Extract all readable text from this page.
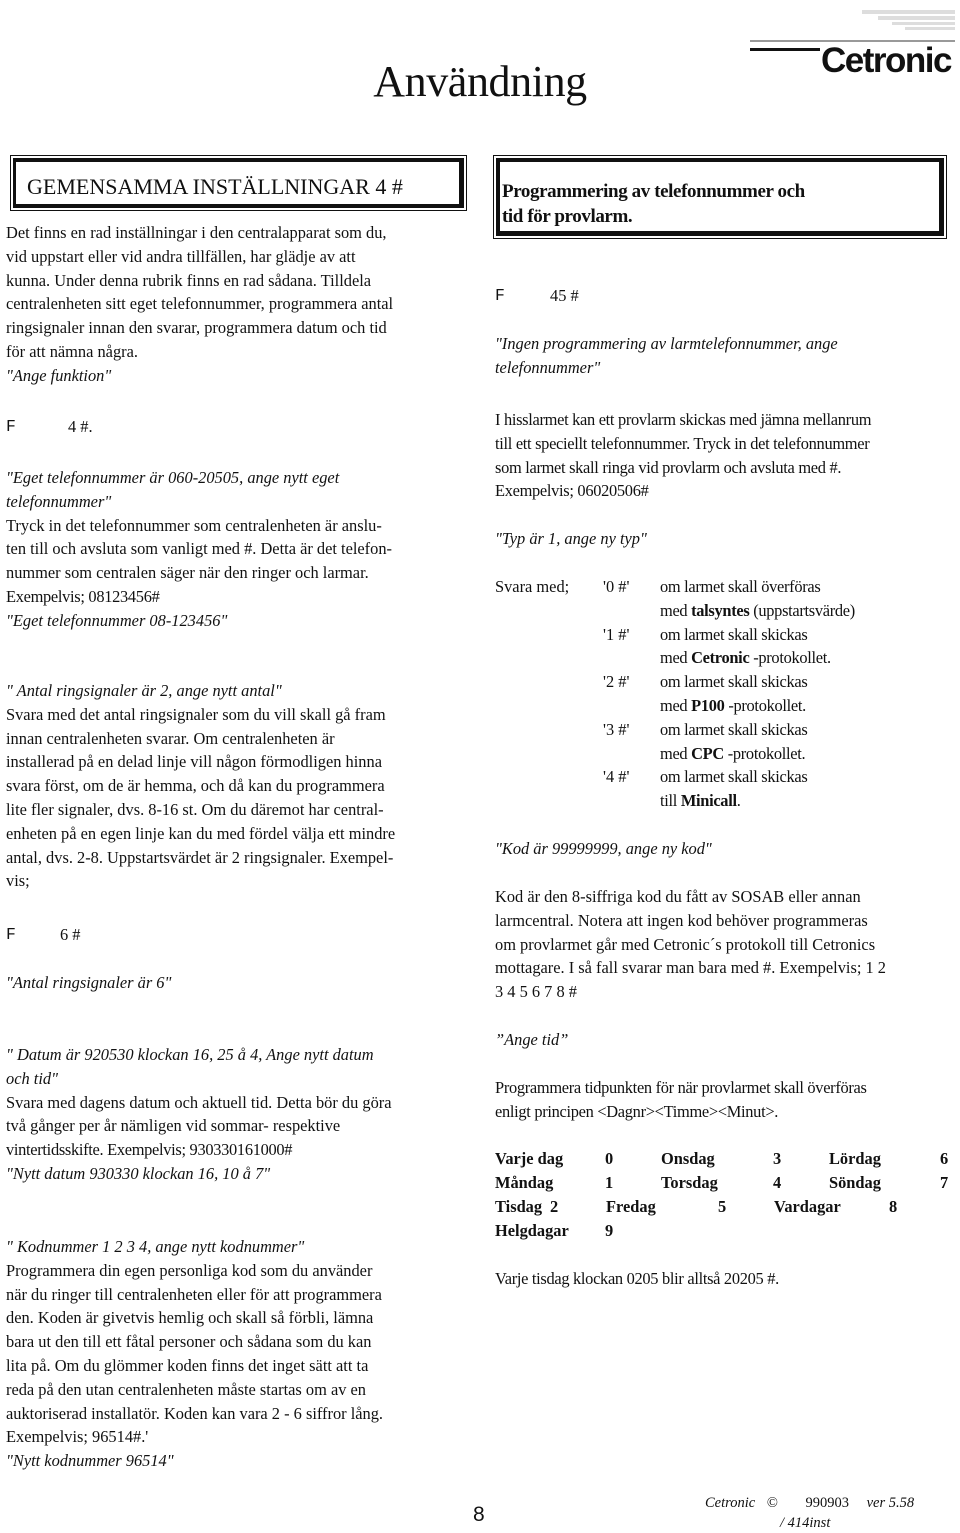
Cetronic
Användning
GEMENSAMMA INSTÄLLNINGAR 4 #

Det finns en rad inställningar i den centralapparat som du,

vid uppstart eller vid andra tillfällen, har glädje av att

kunna. Under denna rubrik finns en rad sådana. Tilldela

centralenheten sitt eget telefonnummer, programmera antal

ringsignaler innan den svarar, programmera datum och tid

för att nämna några.

"Ange funktion"

F	4 #.

"Eget telefonnummer är 060-20505, ange nytt eget

telefonnummer"

Tryck in det telefonnummer som centralenheten är anslu-

ten till och avsluta som vanligt med #. Detta är det telefon-

nummer som centralen säger när den ringer och larmar.

Exempelvis; 08123456#

"Eget telefonnummer 08-123456"

" Antal ringsignaler är 2, ange nytt antal"

Svara med det antal ringsignaler som du vill skall gå fram

innan centralenheten svarar. Om centralenheten är

installerad på en delad linje vill någon förmodligen hinna

svara först, om de är hemma, och då kan du programmera

lite fler signaler, dvs. 8-16 st. Om du däremot har central-

enheten på en egen linje kan du med fördel välja ett mindre

antal, dvs. 2-8. Uppstartsvärdet är 2 ringsignaler. Exempel-

vis;

F	6 #
"Antal ringsignaler är 6"

" Datum är 920530 klockan 16, 25 å 4, Ange nytt datum

och tid"

Svara med dagens datum och aktuell tid. Detta bör du göra

två gånger per år nämligen vid sommar- respektive

vintertidsskifte. Exempelvis; 930330161000#

"Nytt datum 930330 klockan 16, 10 å 7"

" Kodnummer 1 2 3 4, ange nytt kodnummer"

Programmera din egen personliga kod som du använder

när du ringer till centralenheten eller för att programmera

den. Koden är givetvis hemlig och skall så förbli, lämna

bara ut den till ett fåtal personer och sådana som du kan

lita på. Om du glömmer koden finns det inget sätt att ta

reda på den utan centralenheten måste startas om av en

auktoriserad installatör. Koden kan vara 2 - 6 siffror lång.

Exempelvis; 96514#.'

"Nytt kodnummer 96514"

Programmering av telefonnummer och
tid för provlarm.
F	45 #

"Ingen programmering av larmtelefonnummer, ange

telefonnummer"

I hisslarmet kan ett provlarm skickas med jämna mellanrum

till ett speciellt telefonnummer. Tryck in det telefonnummer

som larmet skall ringa vid provlarm och avsluta med #.

Exempelvis; 06020506#

"Typ är 1, ange ny typ"
Svara med; '0 #' om larmet skall överföras

med talsyntes (uppstartsvärde)

'1 #' om larmet skall skickas

med Cetronic -protokollet.

'2 #' om larmet skall skickas

med P100 -protokollet.

'3 #' om larmet skall skickas

med CPC -protokollet.

'4 #' om larmet skall skickas

till Minicall.

"Kod är 99999999, ange ny kod"

Kod är den 8-siffriga kod du fått av SOSAB eller annan

larmcentral. Notera att ingen kod behöver programmeras

om provlarmet går med Cetronic´s protokoll till Cetronics

mottagare. I så fall svarar man bara med #. Exempelvis; 1 2

3 4 5 6 7 8 #

”Ange tid”

Programmera tidpunkten för när provlarmet skall överföras

enligt principen <Dagnr><Timme><Minut>.

Varje dag	0	Onsdag	3	Lördag	6
Måndag	1	Torsdag	4	Söndag	7
Tisdag	2	Fredag	5	Vardagar	8
Helgdagar	9
Varje tisdag klockan 0205 blir alltså 20205 #.
8	Cetronic © 990903 ver 5.58
/ 414inst
